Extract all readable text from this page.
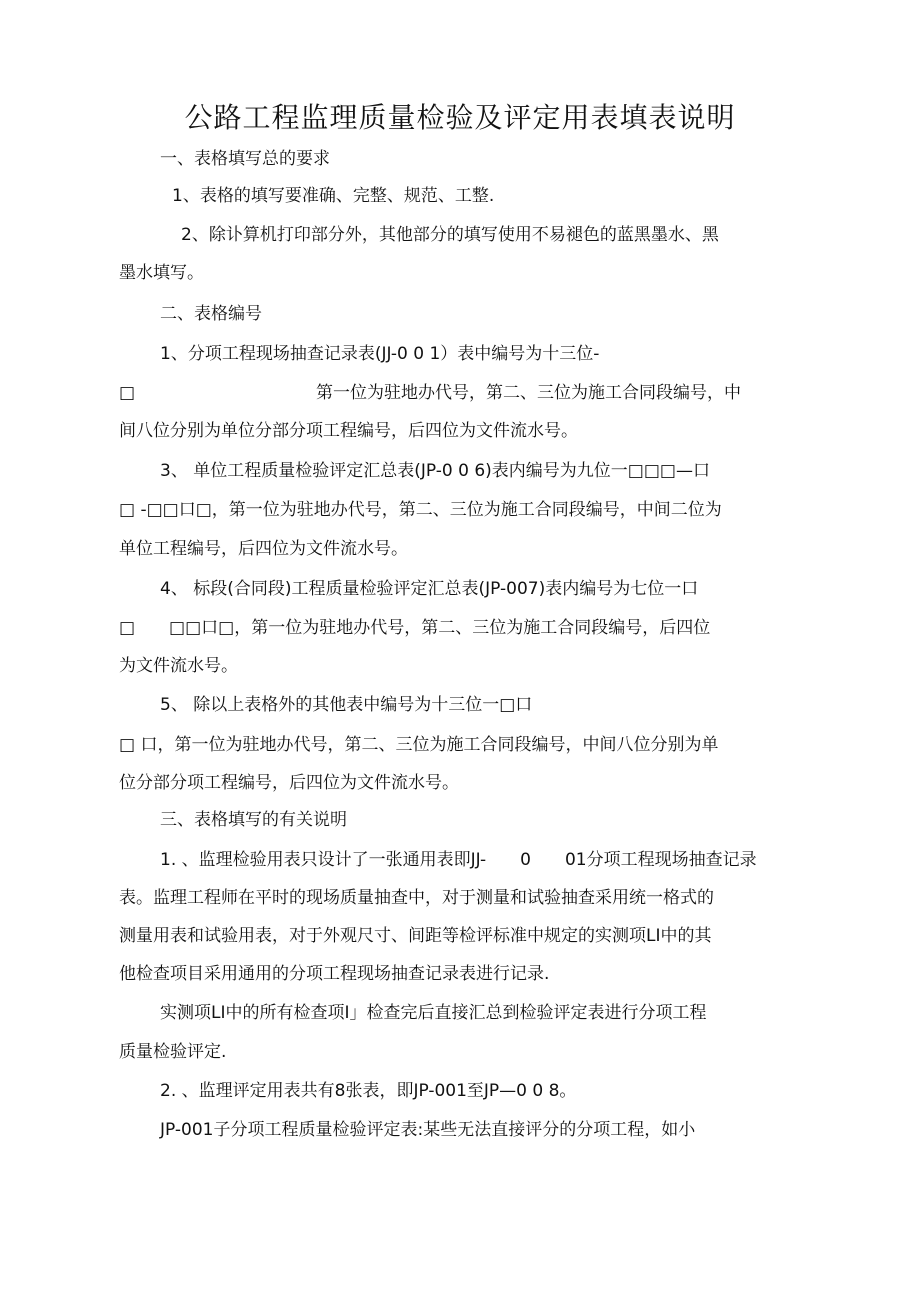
公路工程监理质量检验及评定用表填表说明
一、表格填写总的要求
1、表格的填写要准确、完整、规范、工整.
2、除讣算机打印部分外，其他部分的填写使用不易褪色的蓝黑墨水、黑
墨水填写。
二、表格编号
1、分项工程现场抽查记录表(JJ-0 0 1）表中编号为十三位-
□	第一位为驻地办代号，第二、三位为施工合同段编号，中
间八位分别为单位分部分项工程编号，后四位为文件流水号。
3、 单位工程质量检验评定汇总表(JP-0 0 6)表内编号为九位一□□□—口
□ -□□口□，第一位为驻地办代号，第二、三位为施工合同段编号，中间二位为
单位工程编号，后四位为文件流水号。
4、 标段(合同段)工程质量检验评定汇总表(JP-007)表内编号为七位一口
□　　□□口□，第一位为驻地办代号，第二、三位为施工合同段编号，后四位
为文件流水号。
5、 除以上表格外的其他表中编号为十三位一□口
□ 口，第一位为驻地办代号，第二、三位为施工合同段编号，中间八位分别为单
位分部分项工程编号，后四位为文件流水号。
三、表格填写的有关说明
1. 、监理检验用表只设计了一张通用表即JJ-　　0　　01分项工程现场抽查记录
表。监理工程师在平时的现场质量抽查中，对于测量和试验抽查采用统一格式的
测量用表和试验用表，对于外观尺寸、间距等检评标准中规定的实测项LI中的其
他检查项目采用通用的分项工程现场抽查记录表进行记录.
实测项LI中的所有检查项I」检查完后直接汇总到检验评定表进行分项工程
质量检验评定.
2. 、监理评定用表共有8张表，即JP-001至JP—0 0 8。
JP-001子分项工程质量检验评定表:某些无法直接评分的分项工程，如小
